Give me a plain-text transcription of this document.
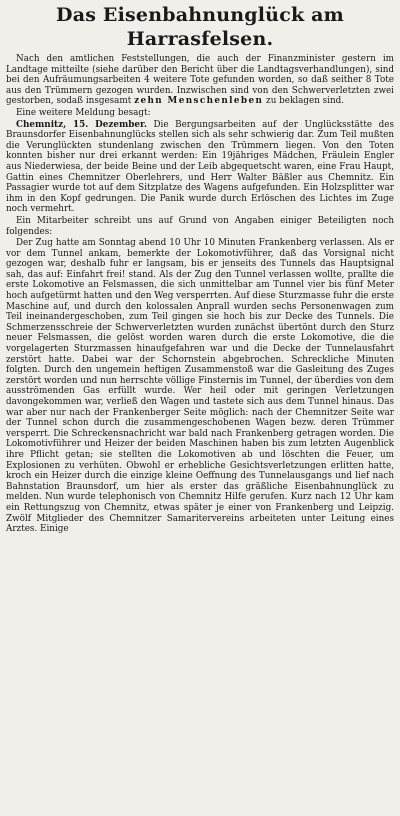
Das Eisenbahnunglück am Harrasfelsen.

Nach den amtlichen Feststellungen, die auch der Finanzminister gestern im Landtage mitteilte (siehe darüber den Bericht über die Landtagsverhandlungen), sind bei den Aufräumungsarbeiten 4 weitere Tote gefunden worden, so daß seither 8 Tote aus den Trümmern gezogen wurden. Inzwischen sind von den Schwerverletzten zwei gestorben, sodaß insgesamt zehn Menschenleben zu beklagen sind.

Eine weitere Meldung besagt:

Chemnitz, 15. Dezember. Die Bergungsarbeiten auf der Unglücksstätte des Braunsdorfer Eisenbahnunglücks stellen sich als sehr schwierig dar. Zum Teil mußten die Verunglückten stundenlang zwischen den Trümmern liegen. Von den Toten konnten bisher nur drei erkannt werden: Ein 19jähriges Mädchen, Fräulein Engler aus Niederwiesa, der beide Beine und der Leib abgequetscht waren, eine Frau Haupt, Gattin eines Chemnitzer Oberlehrers, und Herr Walter Bäßler aus Chemnitz. Ein Passagier wurde tot auf dem Sitzplatze des Wagens aufgefunden. Ein Holzsplitter war ihm in den Kopf gedrungen. Die Panik wurde durch Erlöschen des Lichtes im Zuge noch vermehrt.

Ein Mitarbeiter schreibt uns auf Grund von Angaben einiger Beteiligten noch folgendes:

Der Zug hatte am Sonntag abend 10 Uhr 10 Minuten Frankenberg verlassen. Als er vor dem Tunnel ankam, bemerkte der Lokomotivführer, daß das Vorsignal nicht gezogen war, deshalb fuhr er langsam, bis er jenseits des Tunnels das Hauptsignal sah, das auf: Einfahrt frei! stand. Als der Zug den Tunnel verlassen wollte, prallte die erste Lokomotive an Felsmassen, die sich unmittelbar am Tunnel vier bis fünf Meter hoch aufgetürmt hatten und den Weg versperrten. Auf diese Sturzmasse fuhr die erste Maschine auf, und durch den kolossalen Anprall wurden sechs Personenwagen zum Teil ineinandergeschoben, zum Teil gingen sie hoch bis zur Decke des Tunnels. Die Schmerzensschreie der Schwerverletzten wurden zunächst übertönt durch den Sturz neuer Felsmassen, die gelöst worden waren durch die erste Lokomotive, die die vorgelagerten Sturzmassen hinaufgefahren war und die Decke der Tunnelausfahrt zerstört hatte. Dabei war der Schornstein abgebrochen. Schreckliche Minuten folgten. Durch den ungemein heftigen Zusammenstoß war die Gasleitung des Zuges zerstört worden und nun herrschte völlige Finsternis im Tunnel, der überdies von dem ausströmenden Gas erfüllt wurde. Wer heil oder mit geringen Verletzungen davongekommen war, verließ den Wagen und tastete sich aus dem Tunnel hinaus. Das war aber nur nach der Frankenberger Seite möglich: nach der Chemnitzer Seite war der Tunnel schon durch die zusammengeschobenen Wagen bezw. deren Trümmer versperrt. Die Schreckensnachricht war bald nach Frankenberg getragen worden. Die Lokomotivführer und Heizer der beiden Maschinen haben bis zum letzten Augenblick ihre Pflicht getan; sie stellten die Lokomotiven ab und löschten die Feuer, um Explosionen zu verhüten. Obwohl er erhebliche Gesichtsverletzungen erlitten hatte, kroch ein Heizer durch die einzige kleine Oeffnung des Tunnelausgangs und lief nach Bahnstation Braunsdorf, um hier als erster das gräßliche Eisenbahnunglück zu melden. Nun wurde telephonisch von Chemnitz Hilfe gerufen. Kurz nach 12 Uhr kam ein Rettungszug von Chemnitz, etwas später je einer von Frankenberg und Leipzig. Zwölf Mitglieder des Chemnitzer Samaritervereins arbeiteten unter Leitung eines Arztes. Einige
